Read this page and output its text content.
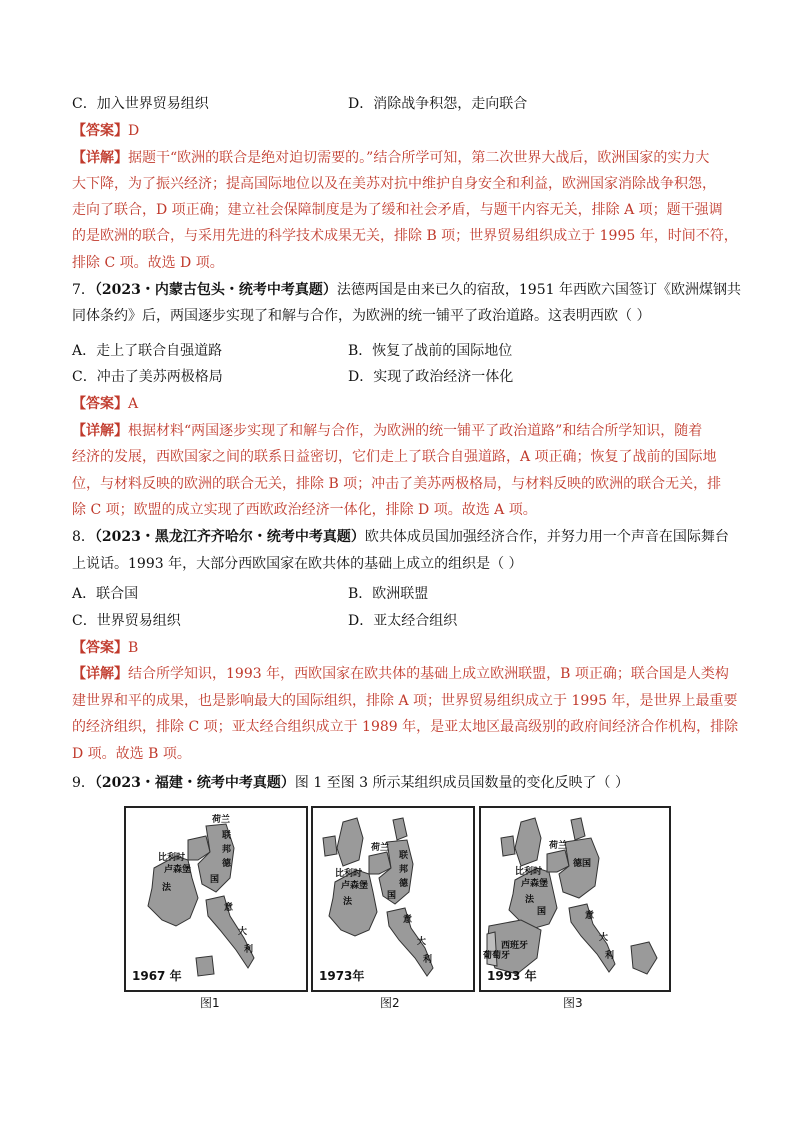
C．加入世界贸易组织	D．消除战争积怨，走向联合
【答案】D
【详解】据题干“欧洲的联合是绝对迫切需要的。”结合所学可知，第二次世界大战后，欧洲国家的实力大
大下降，为了振兴经济；提高国际地位以及在美苏对抗中维护自身安全和利益，欧洲国家消除战争积怨，
走向了联合，D 项正确；建立社会保障制度是为了缓和社会矛盾，与题干内容无关，排除 A 项；题干强调
的是欧洲的联合，与采用先进的科学技术成果无关，排除 B 项；世界贸易组织成立于 1995 年，时间不符，
排除 C 项。故选 D 项。
7．（2023・内蒙古包头・统考中考真题）法德两国是由来已久的宿敌，1951 年西欧六国签订《欧洲煤钢共
同体条约》后，两国逐步实现了和解与合作，为欧洲的统一铺平了政治道路。这表明西欧（ ）
A．走上了联合自强道路	B．恢复了战前的国际地位
C．冲击了美苏两极格局	D．实现了政治经济一体化
【答案】A
【详解】根据材料“两国逐步实现了和解与合作，为欧洲的统一铺平了政治道路”和结合所学知识，随着
经济的发展，西欧国家之间的联系日益密切，它们走上了联合自强道路，A 项正确；恢复了战前的国际地
位，与材料反映的欧洲的联合无关，排除 B 项；冲击了美苏两极格局，与材料反映的欧洲的联合无关，排
除 C 项；欧盟的成立实现了西欧政治经济一体化，排除 D 项。故选 A 项。
8．（2023・黑龙江齐齐哈尔・统考中考真题）欧共体成员国加强经济合作，并努力用一个声音在国际舞台
上说话。1993 年，大部分西欧国家在欧共体的基础上成立的组织是（ ）
A．联合国	B．欧洲联盟
C．世界贸易组织	D．亚太经合组织
【答案】B
【详解】结合所学知识，1993 年，西欧国家在欧共体的基础上成立欧洲联盟，B 项正确；联合国是人类构
建世界和平的成果，也是影响最大的国际组织，排除 A 项；世界贸易组织成立于 1995 年，是世界上最重要
的经济组织，排除 C 项；亚太经合组织成立于 1989 年，是亚太地区最高级别的政府间经济合作机构，排除
D 项。故选 B 项。
9．（2023・福建・统考中考真题）图 1 至图 3 所示某组织成员国数量的变化反映了（ ）
荷兰
比利时
卢森堡
法
联
邦
德
国
意
大
利
1967 年
荷兰
比利时
卢森堡
法
联
邦
德
国
意
大
利
1973年
荷兰
比利时
卢森堡
法
国
德国
西班牙
葡萄牙
意
大
利
1993 年
图1	图2	图3
